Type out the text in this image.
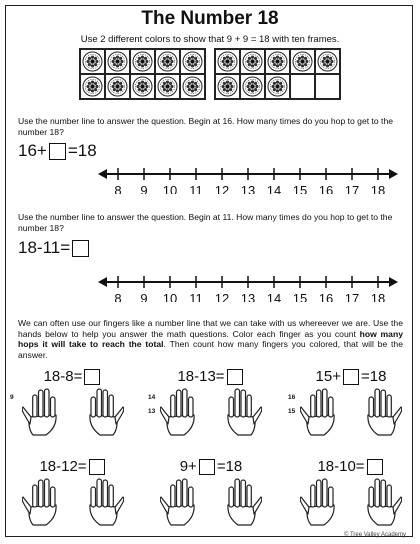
The Number 18
Use 2 different colors to show that 9 + 9 = 18 with ten frames.
Use the number line to answer the question. Begin at 16. How many times do you hop to get to the number 18?
16+ =18
8 9 10 11 12 13 14 15 16 17 18
Use the number line to answer the question. Begin at 11. How many times do you hop to get to the number 18?
18-11=
8 9 10 11 12 13 14 15 16 17 18
We can often use our fingers like a number line that we can take with us whereever we are. Use the hands below to help you answer the math questions. Color each finger as you count how many hops it will take to reach the total. Then count how many fingers you colored, that will be the answer.
18-8=
9
18-13=
14
13
15+ =18
16
15
18-12=	9+ =18	18-10=
© Tree Valley Academy
